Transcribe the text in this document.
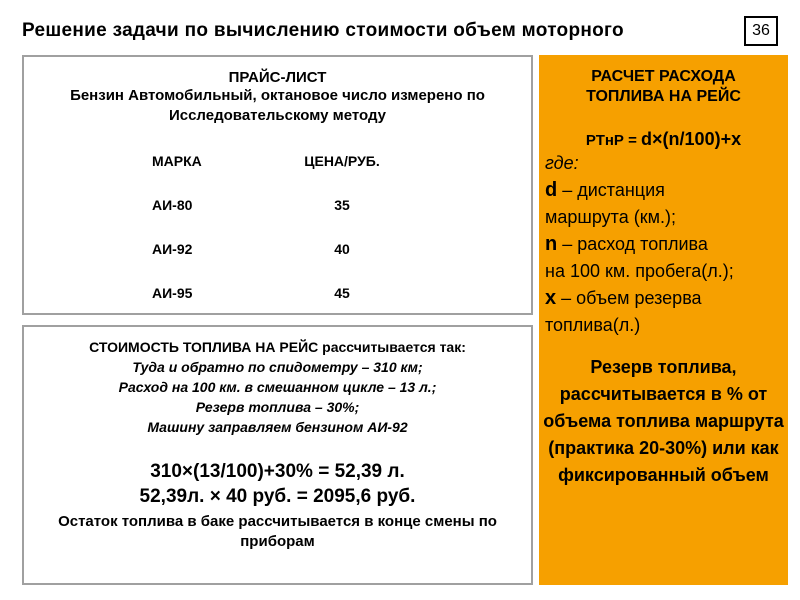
Решение задачи по вычислению стоимости объем моторного	36
ПРАЙС-ЛИСТ
Бензин Автомобильный, октановое число измерено по
Исследовательскому методу
МАРКА	ЦЕНА/РУБ.
АИ-80	35
АИ-92	40
АИ-95	45
СТОИМОСТЬ ТОПЛИВА НА РЕЙС рассчитывается так:
Туда и обратно по спидометру – 310 км;
Расход на 100 км. в смешанном цикле – 13 л.;
Резерв топлива – 30%;
Машину заправляем бензином АИ-92
310×(13/100)+30% = 52,39 л.
52,39л. × 40 руб. = 2095,6 руб.
Остаток топлива в баке рассчитывается в конце смены по приборам
РАСЧЕТ РАСХОДА
ТОПЛИВА НА РЕЙС
РТнР = d×(n/100)+x
где:
d – дистанция
маршрута (км.);
n – расход топлива
на 100 км. пробега(л.);
x – объем резерва
топлива(л.)
Резерв топлива, рассчитывается в % от объема топлива маршрута (практика 20-30%) или как фиксированный объем
